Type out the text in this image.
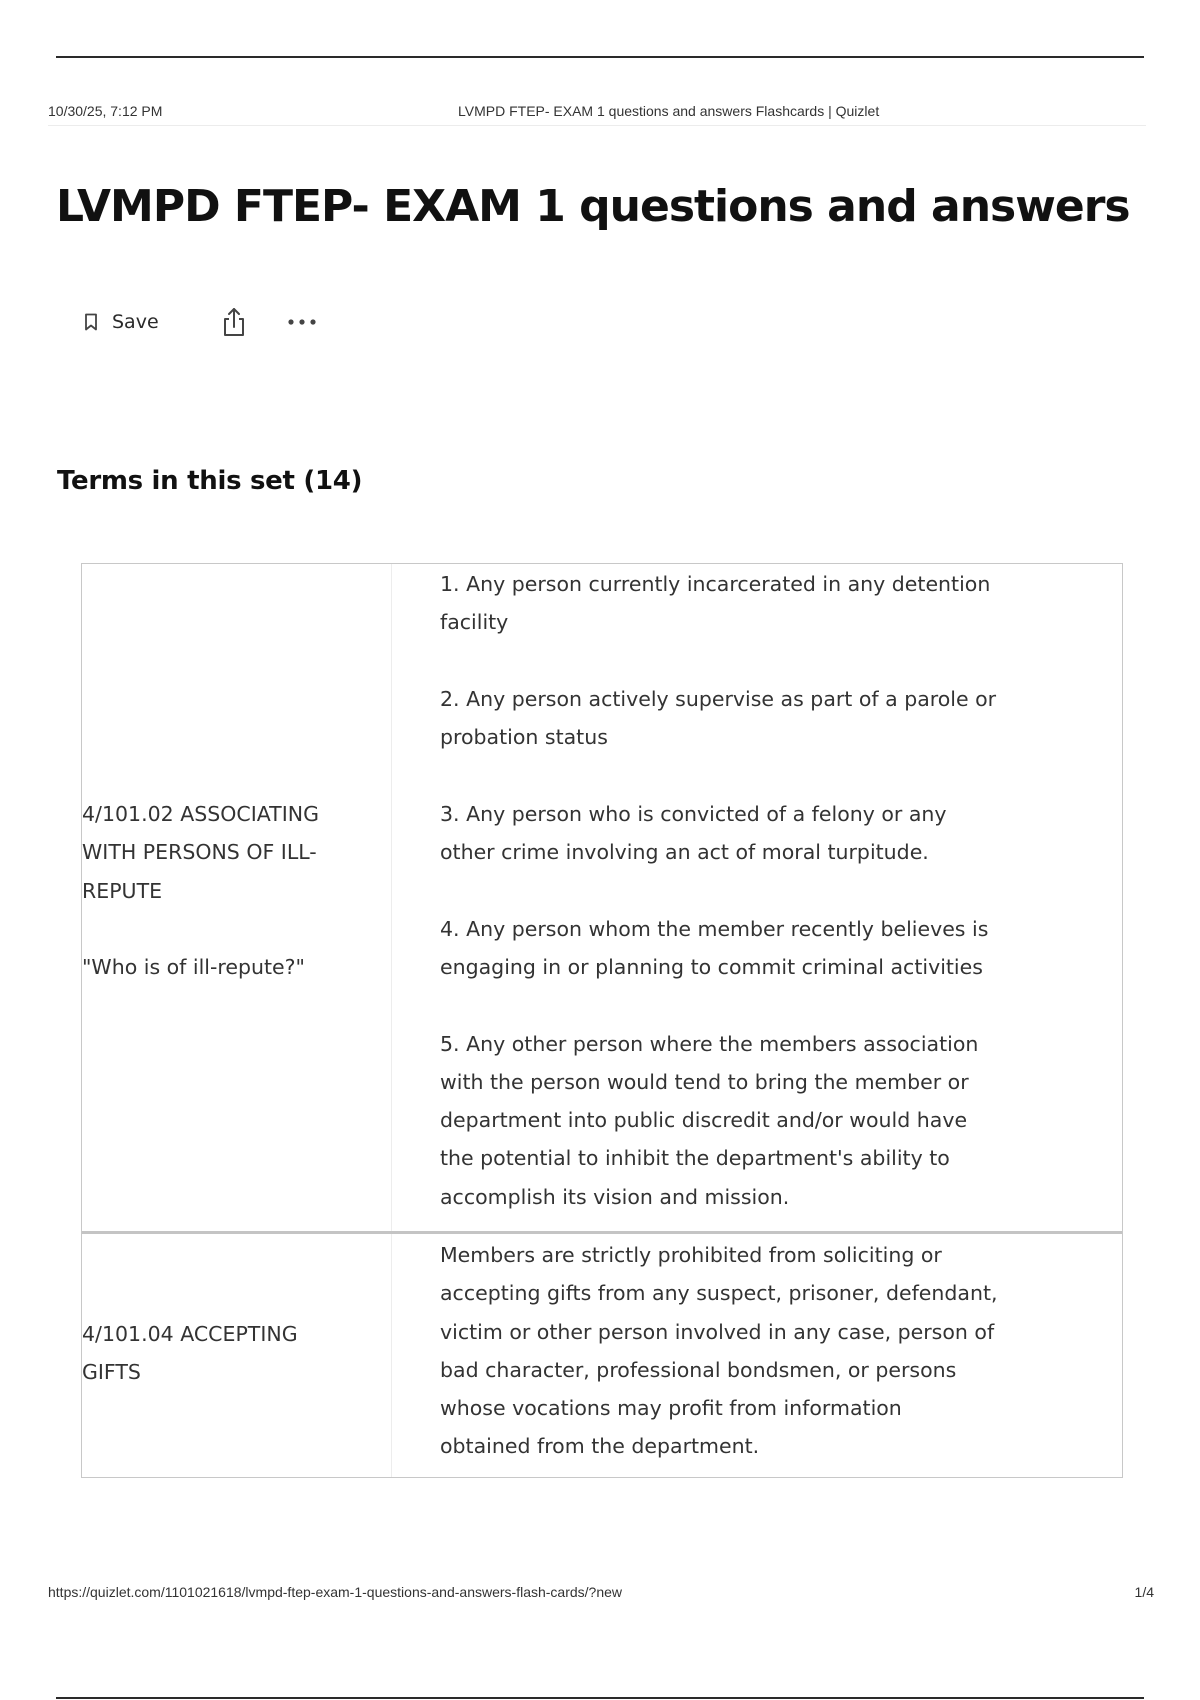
10/30/25, 7:12 PM	LVMPD FTEP- EXAM 1 questions and answers Flashcards | Quizlet
LVMPD FTEP- EXAM 1 questions and answers
Save
Terms in this set (14)
4/101.02 ASSOCIATING
WITH PERSONS OF ILL-
REPUTE

"Who is of ill-repute?"
1. Any person currently incarcerated in any detention
facility

2. Any person actively supervise as part of a parole or
probation status

3. Any person who is convicted of a felony or any
other crime involving an act of moral turpitude.

4. Any person whom the member recently believes is
engaging in or planning to commit criminal activities

5. Any other person where the members association
with the person would tend to bring the member or
department into public discredit and/or would have
the potential to inhibit the department's ability to
accomplish its vision and mission.
4/101.04 ACCEPTING
GIFTS
Members are strictly prohibited from soliciting or
accepting gifts from any suspect, prisoner, defendant,
victim or other person involved in any case, person of
bad character, professional bondsmen, or persons
whose vocations may profit from information
obtained from the department.
https://quizlet.com/1101021618/lvmpd-ftep-exam-1-questions-and-answers-flash-cards/?new	1/4
